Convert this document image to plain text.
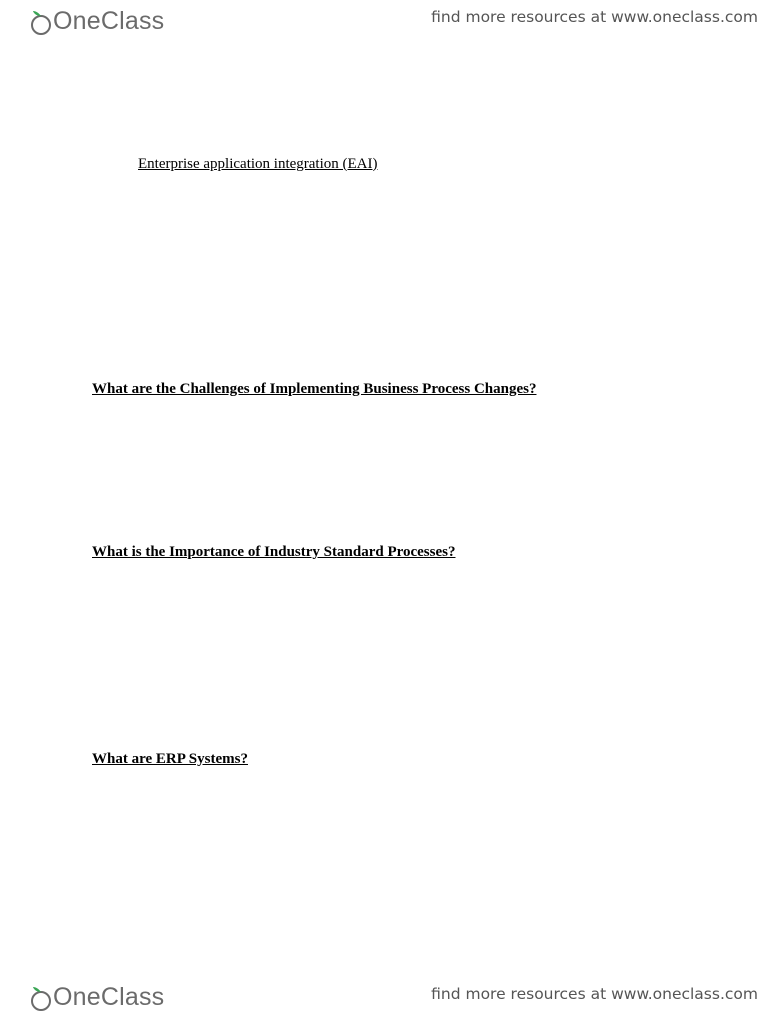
OneClass	find more resources at www.oneclass.com

Enterprise application integration (EAI)

What are the Challenges of Implementing Business Process Changes?

What is the Importance of Industry Standard Processes?

What are ERP Systems?

OneClass	find more resources at www.oneclass.com
